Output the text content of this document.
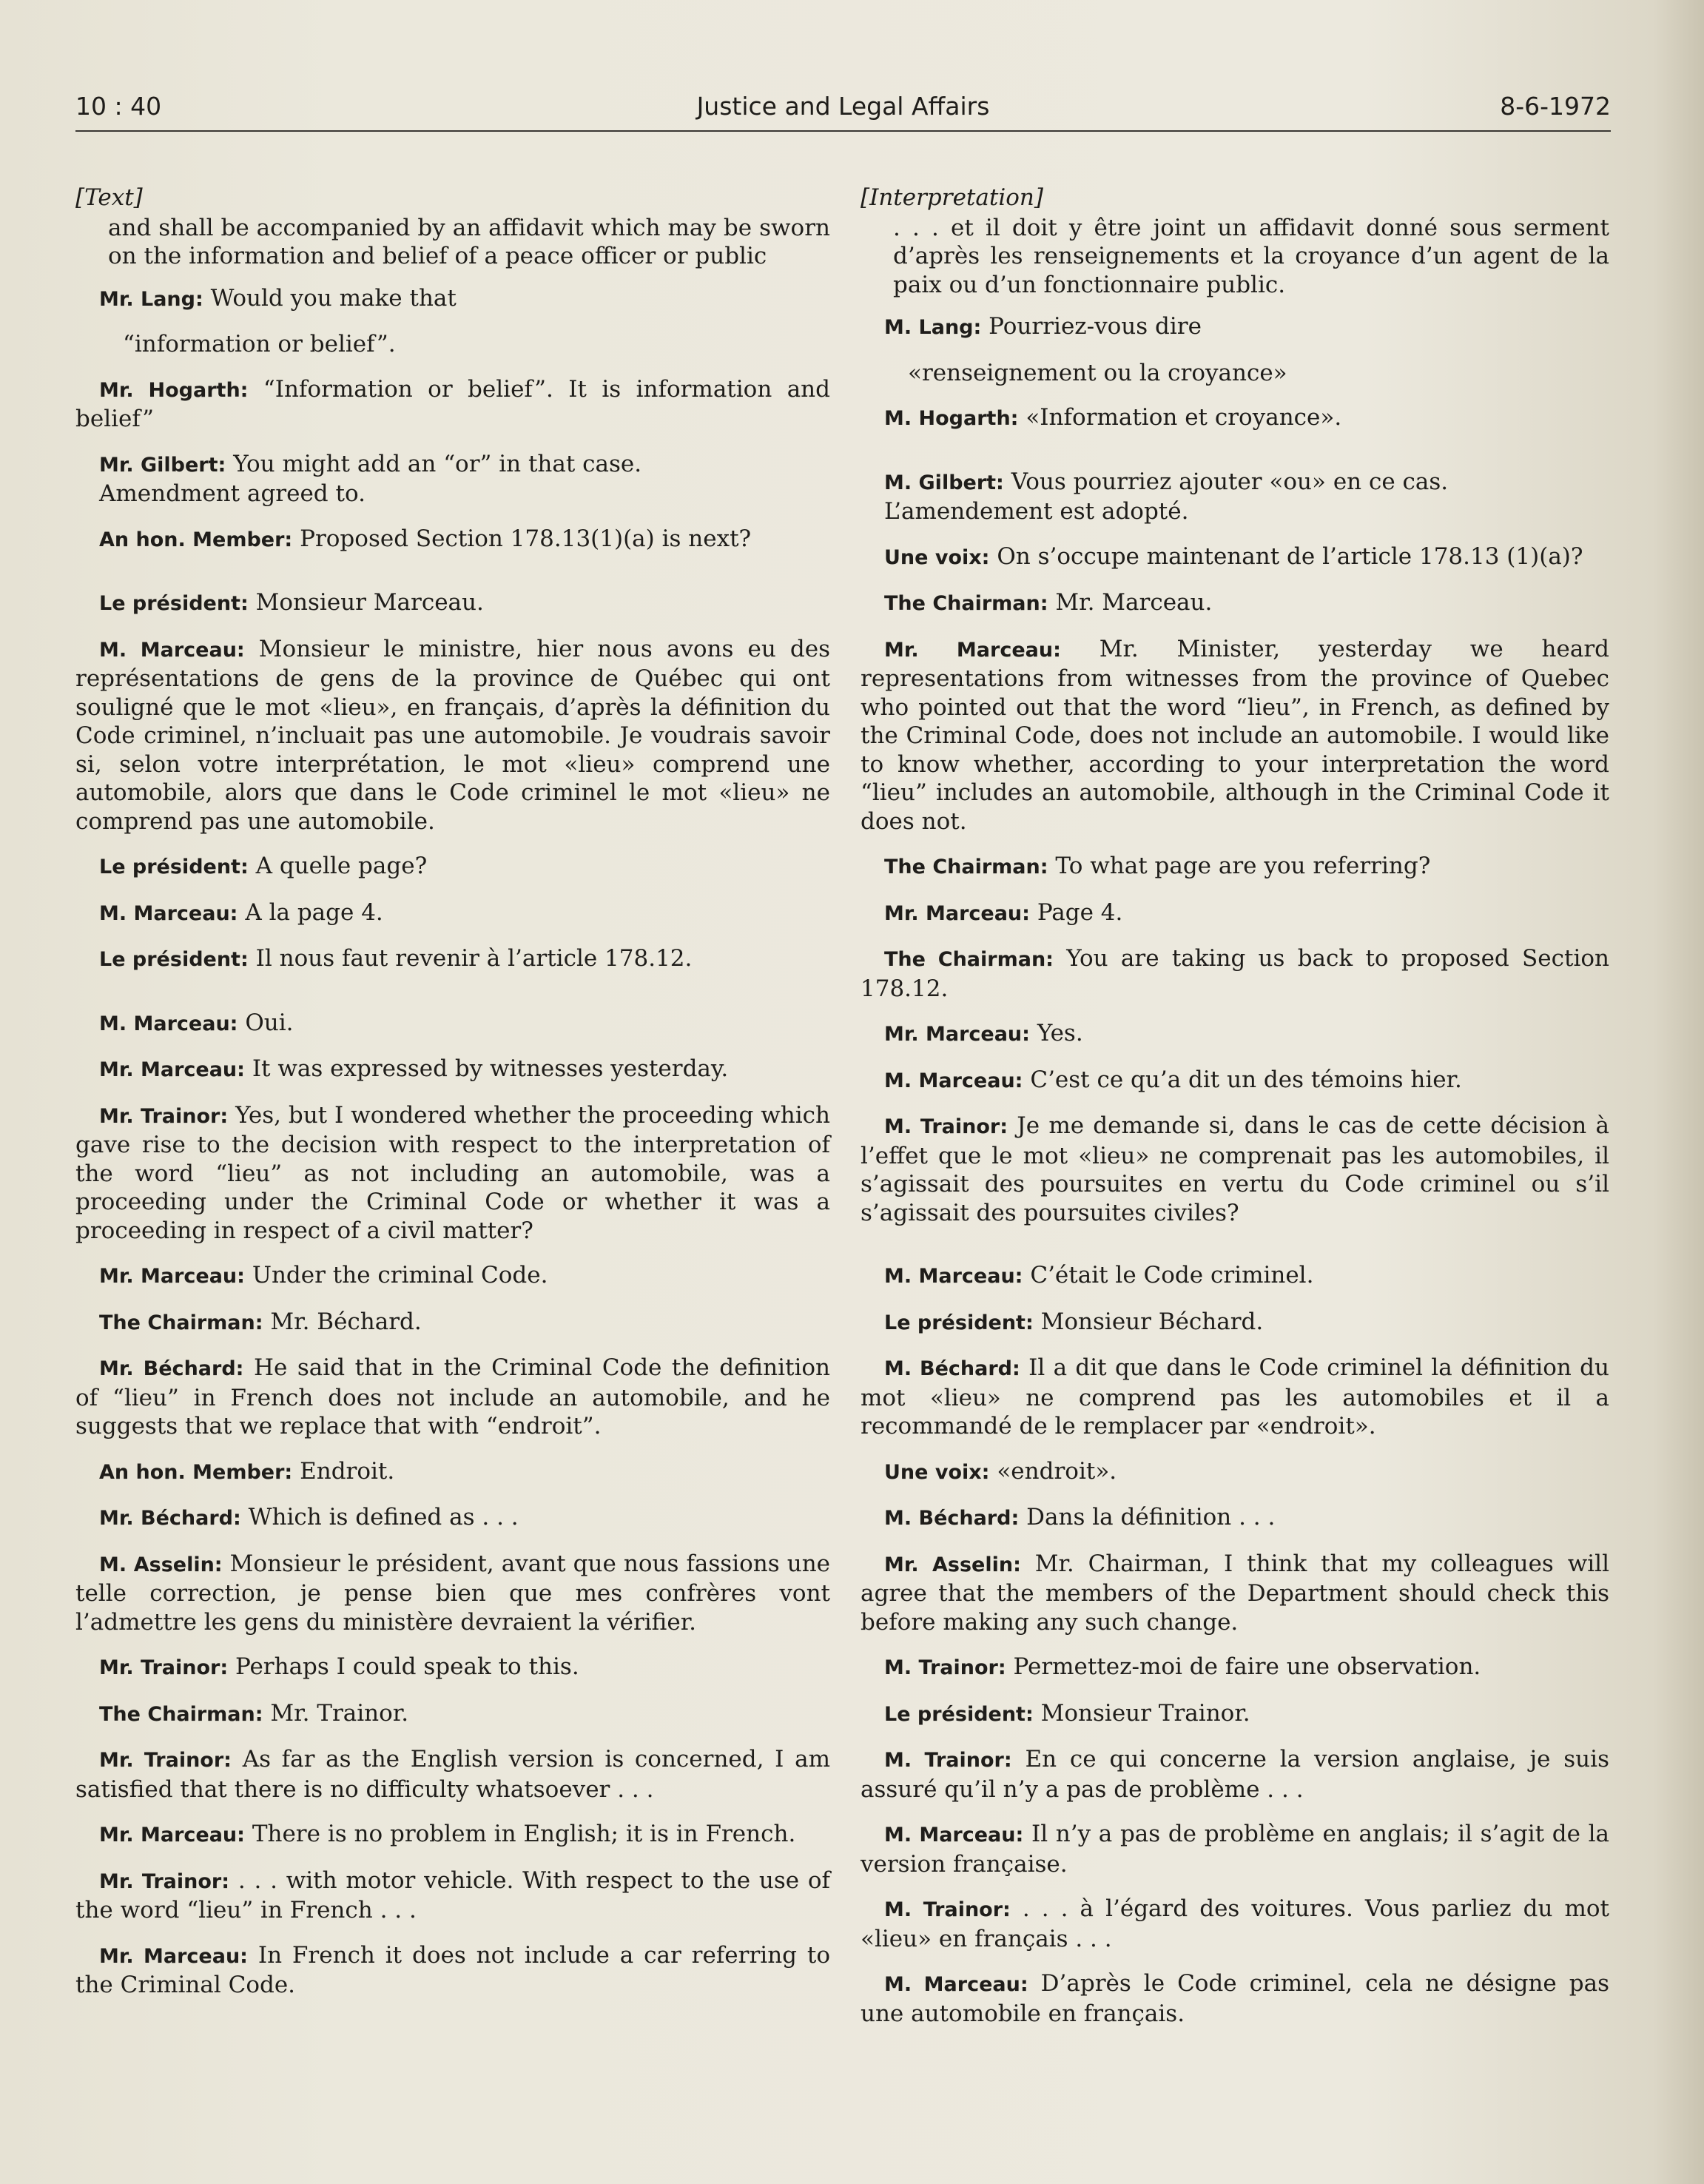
10 : 40	Justice and Legal Affairs	8-6-1972

[Text]

and shall be accompanied by an affidavit which may be sworn on the information and belief of a peace officer or public

Mr. Lang: Would you make that

“information or belief”.

Mr. Hogarth: “Information or belief”. It is information and belief”

Mr. Gilbert: You might add an “or” in that case.

Amendment agreed to.

An hon. Member: Proposed Section 178.13(1)(a) is next?

Le président: Monsieur Marceau.

M. Marceau: Monsieur le ministre, hier nous avons eu des représentations de gens de la province de Québec qui ont souligné que le mot «lieu», en français, d’après la définition du Code criminel, n’incluait pas une automobile. Je voudrais savoir si, selon votre interprétation, le mot «lieu» comprend une automobile, alors que dans le Code criminel le mot «lieu» ne comprend pas une automobile.

Le président: A quelle page?

M. Marceau: A la page 4.

Le président: Il nous faut revenir à l’article 178.12.

M. Marceau: Oui.

Mr. Marceau: It was expressed by witnesses yesterday.

Mr. Trainor: Yes, but I wondered whether the proceeding which gave rise to the decision with respect to the interpretation of the word “lieu” as not including an automobile, was a proceeding under the Criminal Code or whether it was a proceeding in respect of a civil matter?

Mr. Marceau: Under the criminal Code.

The Chairman: Mr. Béchard.

Mr. Béchard: He said that in the Criminal Code the definition of “lieu” in French does not include an automobile, and he suggests that we replace that with “endroit”.

An hon. Member: Endroit.

Mr. Béchard: Which is defined as . . .

M. Asselin: Monsieur le président, avant que nous fassions une telle correction, je pense bien que mes confrères vont l’admettre les gens du ministère devraient la vérifier.

Mr. Trainor: Perhaps I could speak to this.

The Chairman: Mr. Trainor.

Mr. Trainor: As far as the English version is concerned, I am satisfied that there is no difficulty whatsoever . . .

Mr. Marceau: There is no problem in English; it is in French.

Mr. Trainor: . . . with motor vehicle. With respect to the use of the word “lieu” in French . . .

Mr. Marceau: In French it does not include a car referring to the Criminal Code.

[Interpretation]

. . . et il doit y être joint un affidavit donné sous serment d’après les renseignements et la croyance d’un agent de la paix ou d’un fonctionnaire public.

M. Lang: Pourriez-vous dire

«renseignement ou la croyance»

M. Hogarth: «Information et croyance».

M. Gilbert: Vous pourriez ajouter «ou» en ce cas.

L’amendement est adopté.

Une voix: On s’occupe maintenant de l’article 178.13 (1)(a)?

The Chairman: Mr. Marceau.

Mr. Marceau: Mr. Minister, yesterday we heard representations from witnesses from the province of Quebec who pointed out that the word “lieu”, in French, as defined by the Criminal Code, does not include an automobile. I would like to know whether, according to your interpretation the word “lieu” includes an automobile, although in the Criminal Code it does not.

The Chairman: To what page are you referring?

Mr. Marceau: Page 4.

The Chairman: You are taking us back to proposed Section 178.12.

Mr. Marceau: Yes.

M. Marceau: C’est ce qu’a dit un des témoins hier.

M. Trainor: Je me demande si, dans le cas de cette décision à l’effet que le mot «lieu» ne comprenait pas les automobiles, il s’agissait des poursuites en vertu du Code criminel ou s’il s’agissait des poursuites civiles?

M. Marceau: C’était le Code criminel.

Le président: Monsieur Béchard.

M. Béchard: Il a dit que dans le Code criminel la définition du mot «lieu» ne comprend pas les automobiles et il a recommandé de le remplacer par «endroit».

Une voix: «endroit».

M. Béchard: Dans la définition . . .

Mr. Asselin: Mr. Chairman, I think that my colleagues will agree that the members of the Department should check this before making any such change.

M. Trainor: Permettez-moi de faire une observation.

Le président: Monsieur Trainor.

M. Trainor: En ce qui concerne la version anglaise, je suis assuré qu’il n’y a pas de problème . . .

M. Marceau: Il n’y a pas de problème en anglais; il s’agit de la version française.

M. Trainor: . . . à l’égard des voitures. Vous parliez du mot «lieu» en français . . .

M. Marceau: D’après le Code criminel, cela ne désigne pas une automobile en français.
